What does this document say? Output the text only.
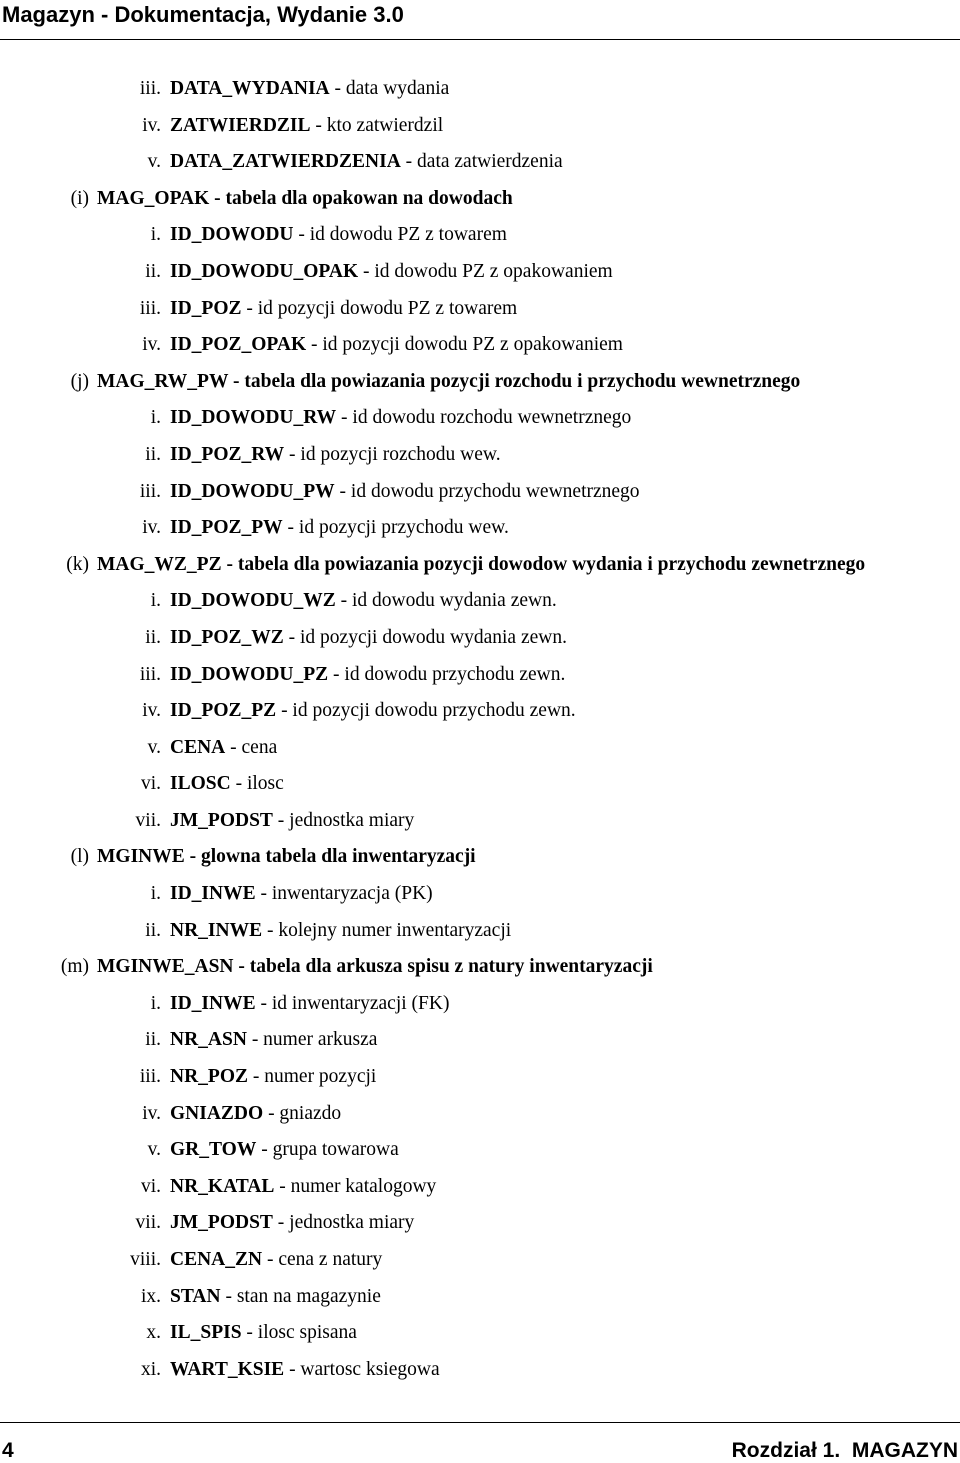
Magazyn - Dokumentacja, Wydanie 3.0
iii. DATA_WYDANIA - data wydania
iv. ZATWIERDZIL - kto zatwierdzil
v. DATA_ZATWIERDZENIA - data zatwierdzenia
(i) MAG_OPAK - tabela dla opakowan na dowodach
i. ID_DOWODU - id dowodu PZ z towarem
ii. ID_DOWODU_OPAK - id dowodu PZ z opakowaniem
iii. ID_POZ - id pozycji dowodu PZ z towarem
iv. ID_POZ_OPAK - id pozycji dowodu PZ z opakowaniem
(j) MAG_RW_PW - tabela dla powiazania pozycji rozchodu i przychodu wewnetrznego
i. ID_DOWODU_RW - id dowodu rozchodu wewnetrznego
ii. ID_POZ_RW - id pozycji rozchodu wew.
iii. ID_DOWODU_PW - id dowodu przychodu wewnetrznego
iv. ID_POZ_PW - id pozycji przychodu wew.
(k) MAG_WZ_PZ - tabela dla powiazania pozycji dowodow wydania i przychodu zewnetrznego
i. ID_DOWODU_WZ - id dowodu wydania zewn.
ii. ID_POZ_WZ - id pozycji dowodu wydania zewn.
iii. ID_DOWODU_PZ - id dowodu przychodu zewn.
iv. ID_POZ_PZ - id pozycji dowodu przychodu zewn.
v. CENA - cena
vi. ILOSC - ilosc
vii. JM_PODST - jednostka miary
(l) MGINWE - glowna tabela dla inwentaryzacji
i. ID_INWE - inwentaryzacja (PK)
ii. NR_INWE - kolejny numer inwentaryzacji
(m) MGINWE_ASN - tabela dla arkusza spisu z natury inwentaryzacji
i. ID_INWE - id inwentaryzacji (FK)
ii. NR_ASN - numer arkusza
iii. NR_POZ - numer pozycji
iv. GNIAZDO - gniazdo
v. GR_TOW - grupa towarowa
vi. NR_KATAL - numer katalogowy
vii. JM_PODST - jednostka miary
viii. CENA_ZN - cena z natury
ix. STAN - stan na magazynie
x. IL_SPIS - ilosc spisana
xi. WART_KSIE - wartosc ksiegowa
4	Rozdział 1.  MAGAZYN
